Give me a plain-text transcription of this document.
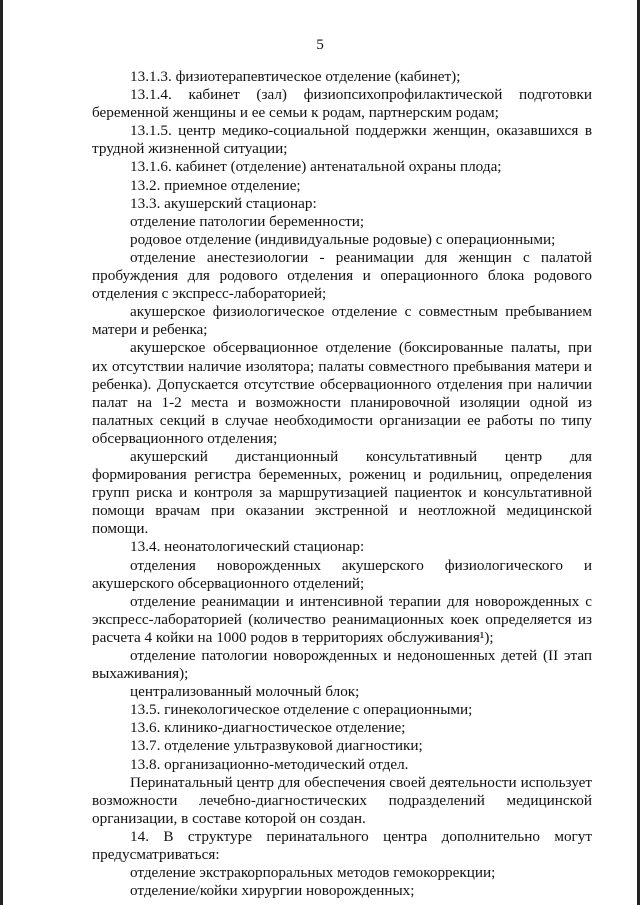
5

13.1.3. физиотерапевтическое отделение (кабинет);

13.1.4. кабинет (зал) физиопсихопрофилактической подготовки беременной женщины и ее семьи к родам, партнерским родам;

13.1.5. центр медико-социальной поддержки женщин, оказавшихся в трудной жизненной ситуации;

13.1.6. кабинет (отделение) антенатальной охраны плода;

13.2. приемное отделение;

13.3. акушерский стационар:

отделение патологии беременности;

родовое отделение (индивидуальные родовые) с операционными;

отделение анестезиологии - реанимации для женщин с палатой пробуждения для родового отделения и операционного блока родового отделения с экспресс-лабораторией;

акушерское физиологическое отделение с совместным пребыванием матери и ребенка;

акушерское обсервационное отделение (боксированные палаты, при их отсутствии наличие изолятора; палаты совместного пребывания матери и ребенка). Допускается отсутствие обсервационного отделения при наличии палат на 1-2 места и возможности планировочной изоляции одной из палатных секций в случае необходимости организации ее работы по типу обсервационного отделения;

акушерский дистанционный консультативный центр для формирования регистра беременных, рожениц и родильниц, определения групп риска и контроля за маршрутизацией пациенток и консультативной помощи врачам при оказании экстренной и неотложной медицинской помощи.

13.4. неонатологический стационар:

отделения новорожденных акушерского физиологического и акушерского обсервационного отделений;

отделение реанимации и интенсивной терапии для новорожденных с экспресс-лабораторией (количество реанимационных коек определяется из расчета 4 койки на 1000 родов в территориях обслуживания¹);

отделение патологии новорожденных и недоношенных детей (II этап выхаживания);

централизованный молочный блок;

13.5. гинекологическое отделение с операционными;

13.6. клинико-диагностическое отделение;

13.7. отделение ультразвуковой диагностики;

13.8. организационно-методический отдел.

Перинатальный центр для обеспечения своей деятельности использует возможности лечебно-диагностических подразделений медицинской организации, в составе которой он создан.

14. В структуре перинатального центра дополнительно могут предусматриваться:

отделение экстракорпоральных методов гемокоррекции;

отделение/койки хирургии новорожденных;
